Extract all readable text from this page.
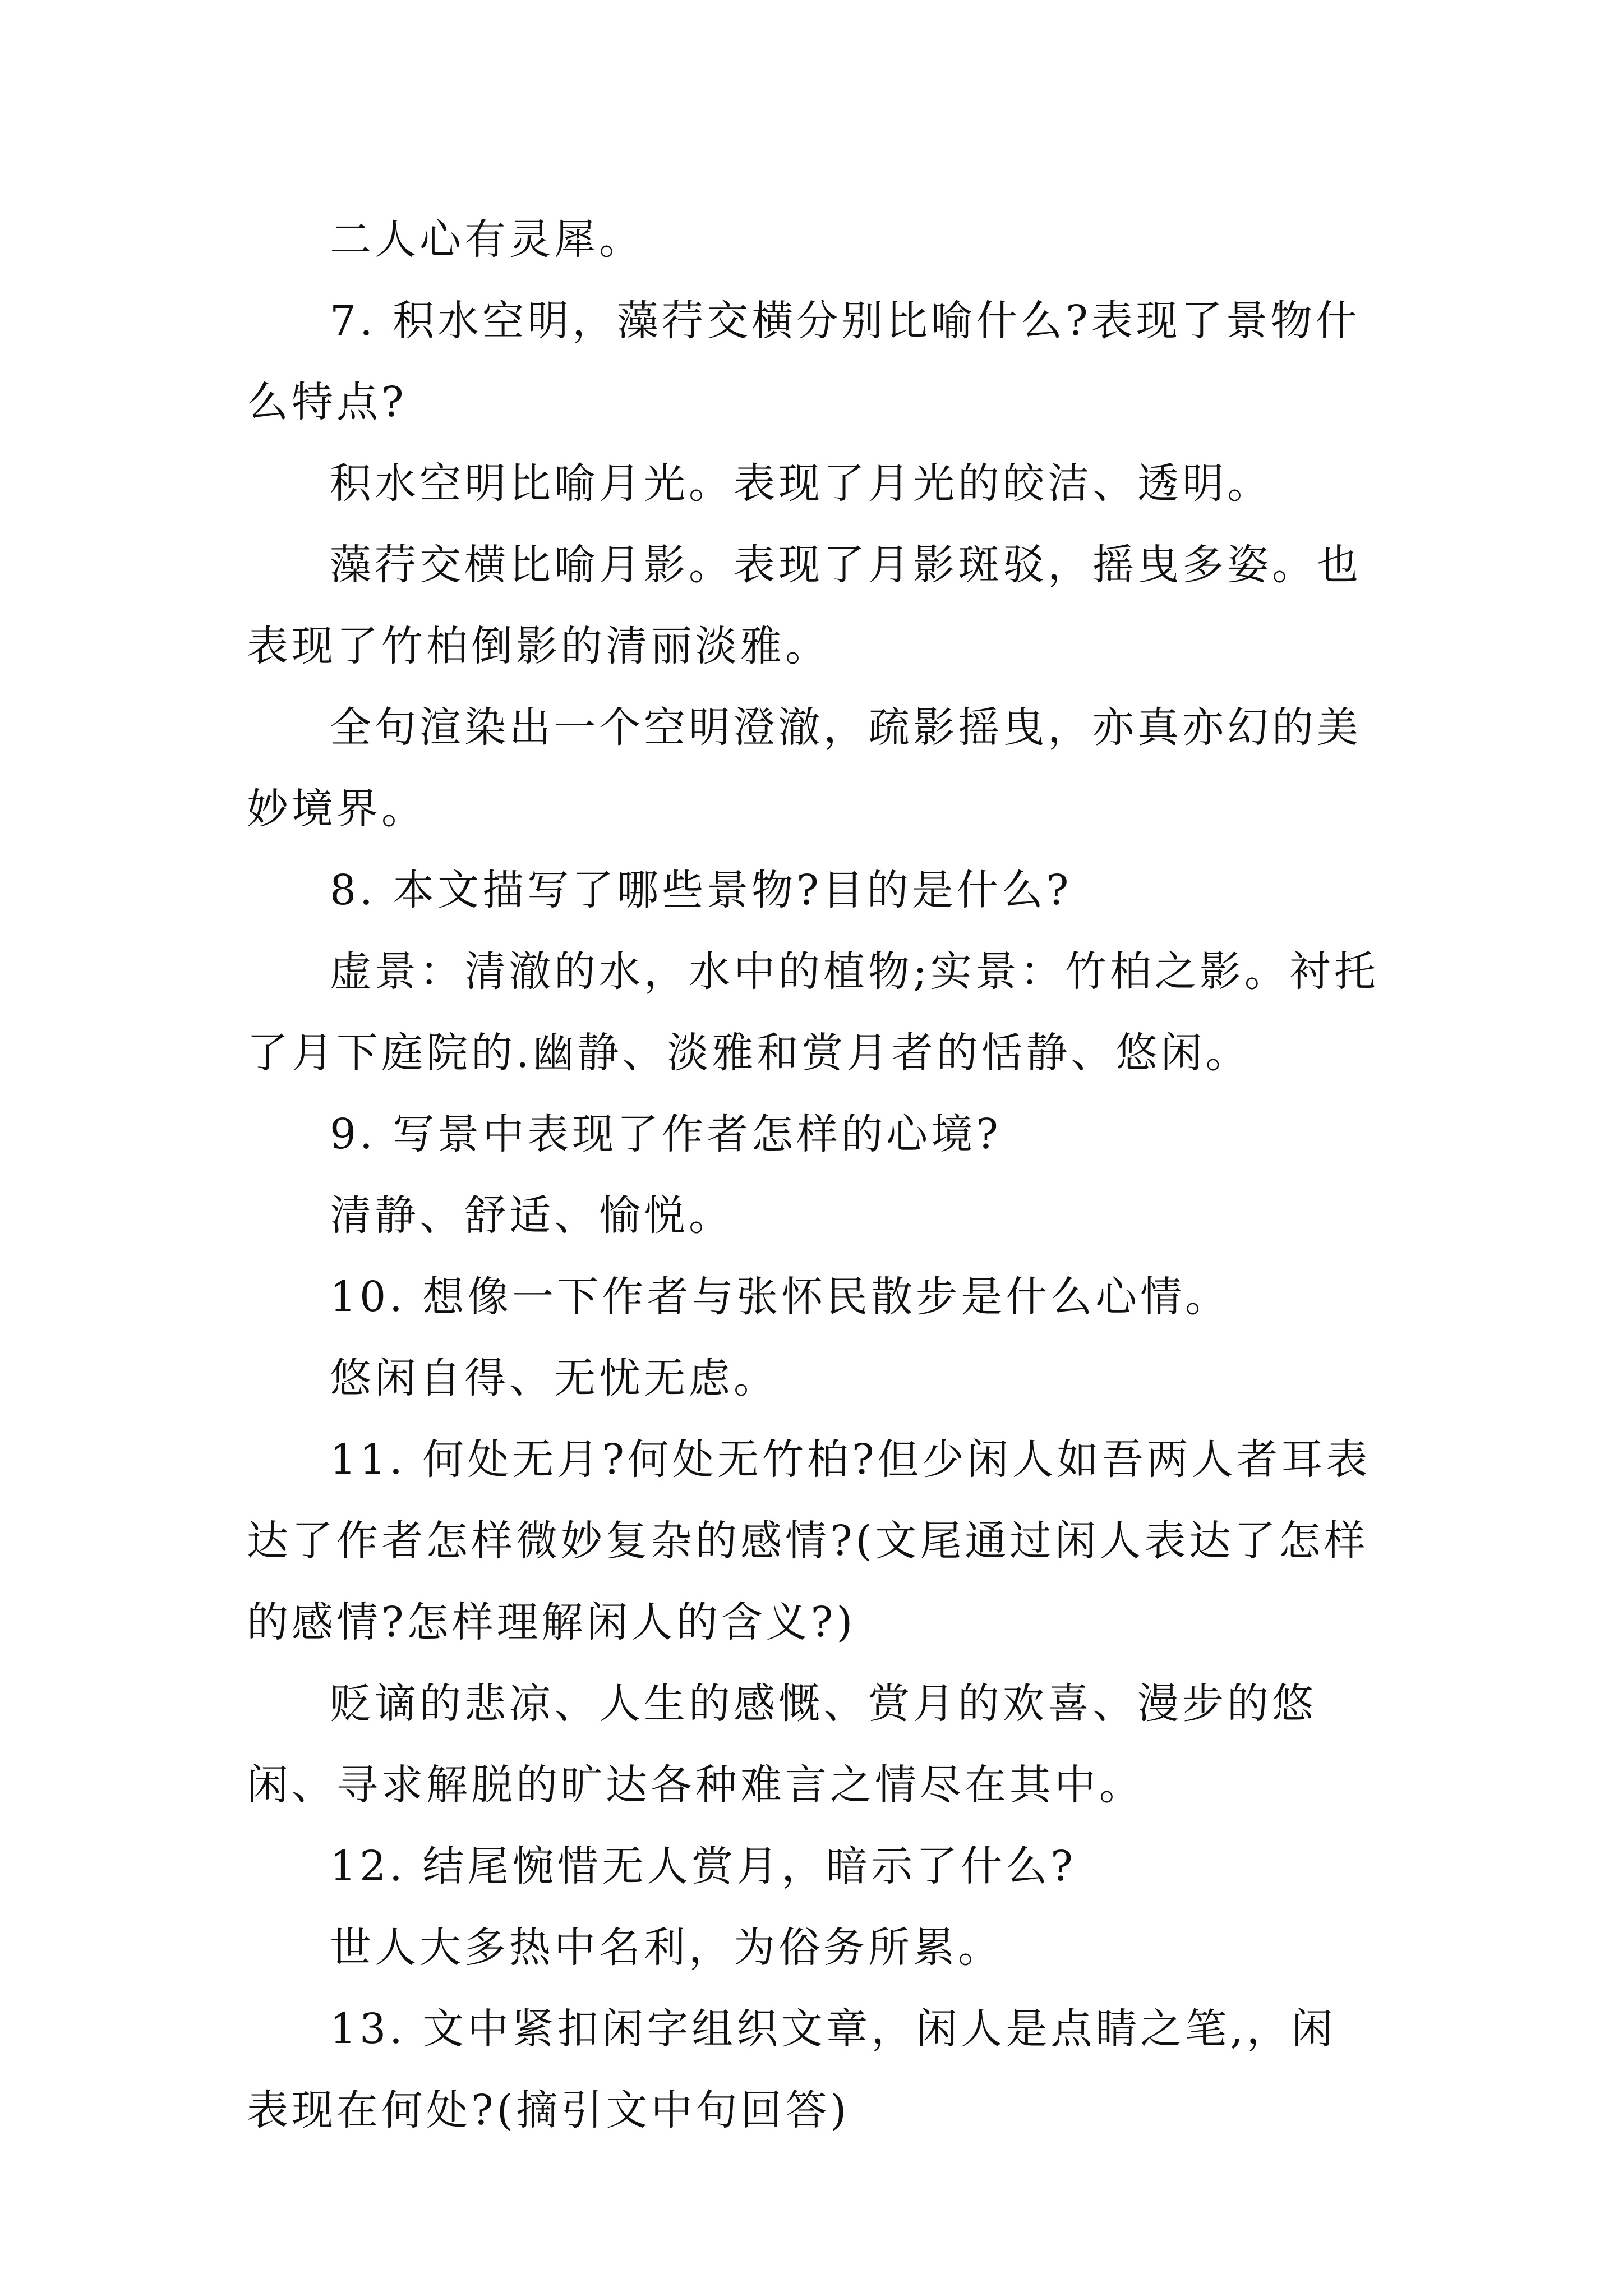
二人心有灵犀。

7. 积水空明，藻荇交横分别比喻什么?表现了景物什么特点?

积水空明比喻月光。表现了月光的皎洁、透明。

藻荇交横比喻月影。表现了月影斑驳，摇曳多姿。也表现了竹柏倒影的清丽淡雅。

全句渲染出一个空明澄澈，疏影摇曳，亦真亦幻的美妙境界。

8. 本文描写了哪些景物?目的是什么?

虚景：清澈的水，水中的植物;实景：竹柏之影。衬托了月下庭院的.幽静、淡雅和赏月者的恬静、悠闲。

9. 写景中表现了作者怎样的心境?

清静、舒适、愉悦。

10. 想像一下作者与张怀民散步是什么心情。

悠闲自得、无忧无虑。

11. 何处无月?何处无竹柏?但少闲人如吾两人者耳表达了作者怎样微妙复杂的感情?(文尾通过闲人表达了怎样的感情?怎样理解闲人的含义?)

贬谪的悲凉、人生的感慨、赏月的欢喜、漫步的悠闲、寻求解脱的旷达各种难言之情尽在其中。

12. 结尾惋惜无人赏月，暗示了什么?

世人大多热中名利，为俗务所累。

13. 文中紧扣闲字组织文章，闲人是点睛之笔,，闲表现在何处?(摘引文中句回答)
